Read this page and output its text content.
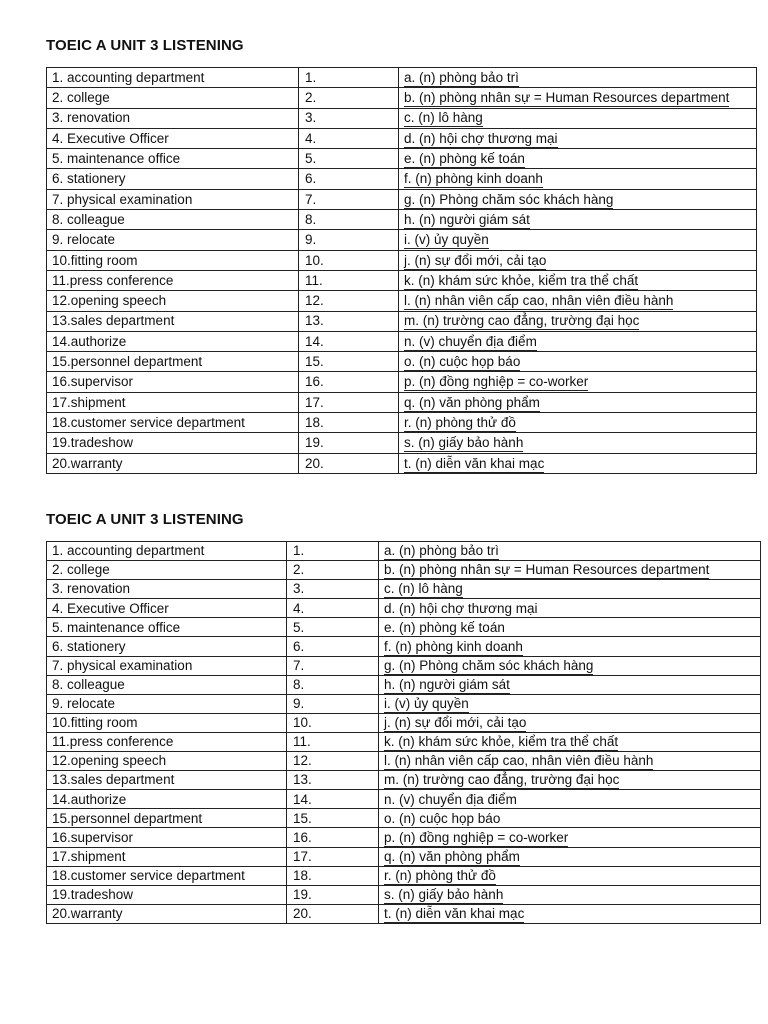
TOEIC A UNIT 3 LISTENING
1. accounting department	1.	a. (n) phòng bảo trì
2. college	2.	b. (n) phòng nhân sự = Human Resources department
3. renovation	3.	c. (n) lô hàng
4. Executive Officer	4.	d. (n) hội chợ thương mại
5. maintenance office	5.	e. (n) phòng kế toán
6. stationery	6.	f. (n) phòng kinh doanh
7. physical examination	7.	g. (n) Phòng chăm sóc khách hàng
8. colleague	8.	h. (n) người giám sát
9. relocate	9.	i. (v) ủy quyền
10.fitting room	10.	j. (n) sự đổi mới, cải tạo
11.press conference	11.	k. (n) khám sức khỏe, kiểm tra thể chất
12.opening speech	12.	l. (n) nhân viên cấp cao, nhân viên điều hành
13.sales department	13.	m. (n) trường cao đẳng, trường đại học
14.authorize	14.	n. (v) chuyển địa điểm
15.personnel department	15.	o. (n) cuộc họp báo
16.supervisor	16.	p. (n) đồng nghiệp = co-worker
17.shipment	17.	q. (n) văn phòng phẩm
18.customer service department	18.	r. (n) phòng thử đồ
19.tradeshow	19.	s. (n) giấy bảo hành
20.warranty	20.	t. (n) diễn văn khai mạc
TOEIC A UNIT 3 LISTENING
1. accounting department	1.	a. (n) phòng bảo trì
2. college	2.	b. (n) phòng nhân sự = Human Resources department
3. renovation	3.	c. (n) lô hàng
4. Executive Officer	4.	d. (n) hội chợ thương mại
5. maintenance office	5.	e. (n) phòng kế toán
6. stationery	6.	f. (n) phòng kinh doanh
7. physical examination	7.	g. (n) Phòng chăm sóc khách hàng
8. colleague	8.	h. (n) người giám sát
9. relocate	9.	i. (v) ủy quyền
10.fitting room	10.	j. (n) sự đổi mới, cải tạo
11.press conference	11.	k. (n) khám sức khỏe, kiểm tra thể chất
12.opening speech	12.	l. (n) nhân viên cấp cao, nhân viên điều hành
13.sales department	13.	m. (n) trường cao đẳng, trường đại học
14.authorize	14.	n. (v) chuyển địa điểm
15.personnel department	15.	o. (n) cuộc họp báo
16.supervisor	16.	p. (n) đồng nghiệp = co-worker
17.shipment	17.	q. (n) văn phòng phẩm
18.customer service department	18.	r. (n) phòng thử đồ
19.tradeshow	19.	s. (n) giấy bảo hành
20.warranty	20.	t. (n) diễn văn khai mạc
